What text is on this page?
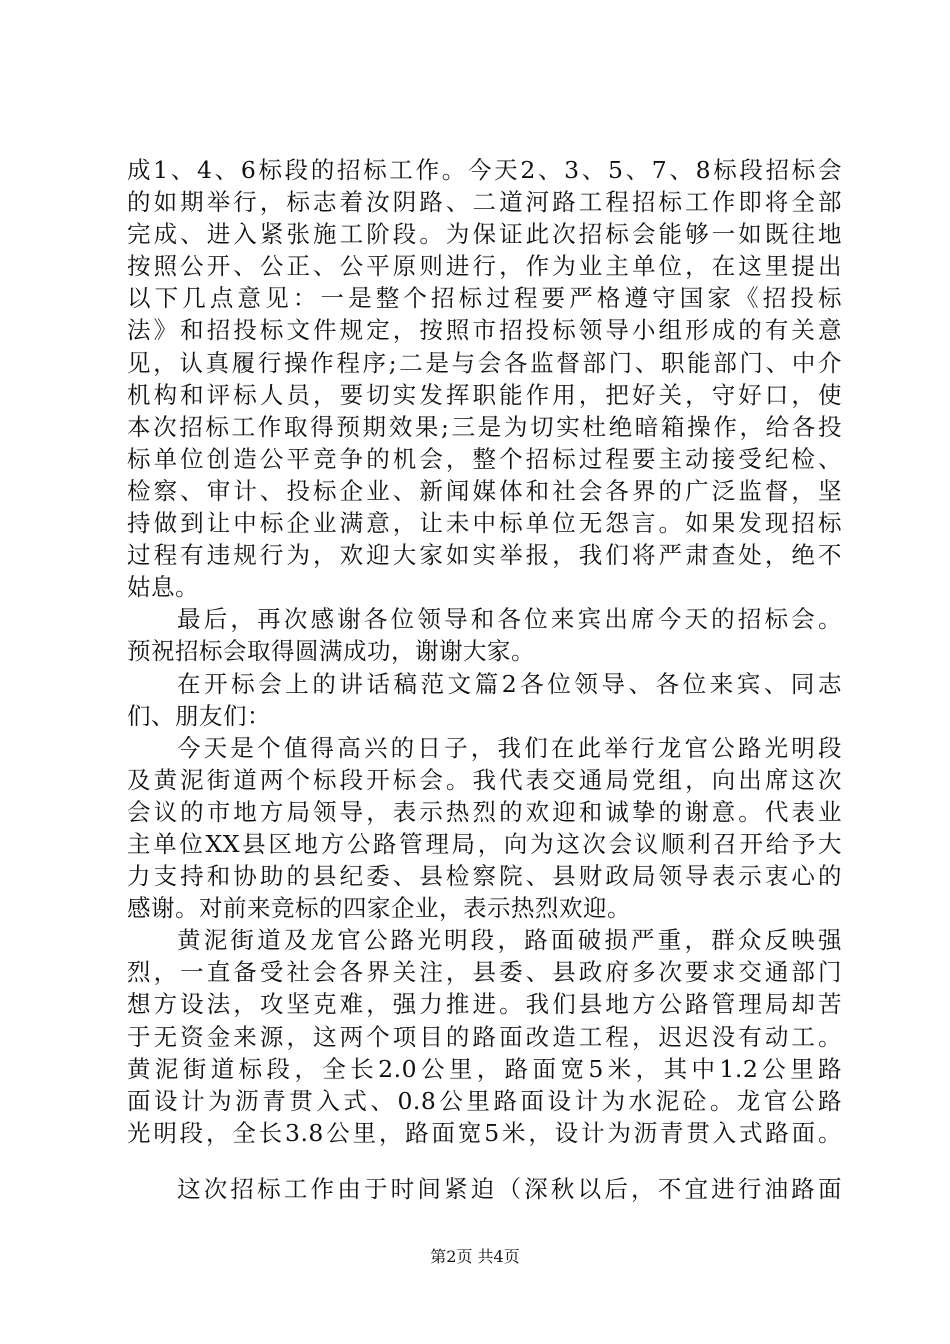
成1、4、6标段的招标工作。今天2、3、5、7、8标段招标会
的如期举行，标志着汝阴路、二道河路工程招标工作即将全部
完成、进入紧张施工阶段。为保证此次招标会能够一如既往地
按照公开、公正、公平原则进行，作为业主单位，在这里提出
以下几点意见：一是整个招标过程要严格遵守国家《招投标
法》和招投标文件规定，按照市招投标领导小组形成的有关意
见，认真履行操作程序;二是与会各监督部门、职能部门、中介
机构和评标人员，要切实发挥职能作用，把好关，守好口，使
本次招标工作取得预期效果;三是为切实杜绝暗箱操作，给各投
标单位创造公平竞争的机会，整个招标过程要主动接受纪检、
检察、审计、投标企业、新闻媒体和社会各界的广泛监督，坚
持做到让中标企业满意，让未中标单位无怨言。如果发现招标
过程有违规行为，欢迎大家如实举报，我们将严肃查处，绝不
姑息。
最后，再次感谢各位领导和各位来宾出席今天的招标会。
预祝招标会取得圆满成功，谢谢大家。
在开标会上的讲话稿范文篇2各位领导、各位来宾、同志
们、朋友们：
今天是个值得高兴的日子，我们在此举行龙官公路光明段
及黄泥街道两个标段开标会。我代表交通局党组，向出席这次
会议的市地方局领导，表示热烈的欢迎和诚挚的谢意。代表业
主单位XX县区地方公路管理局，向为这次会议顺利召开给予大
力支持和协助的县纪委、县检察院、县财政局领导表示衷心的
感谢。对前来竞标的四家企业，表示热烈欢迎。
黄泥街道及龙官公路光明段，路面破损严重，群众反映强
烈，一直备受社会各界关注，县委、县政府多次要求交通部门
想方设法，攻坚克难，强力推进。我们县地方公路管理局却苦
于无资金来源，这两个项目的路面改造工程，迟迟没有动工。
黄泥街道标段，全长2.0公里，路面宽5米，其中1.2公里路
面设计为沥青贯入式、0.8公里路面设计为水泥砼。龙官公路
光明段，全长3.8公里，路面宽5米，设计为沥青贯入式路面。
这次招标工作由于时间紧迫（深秋以后，不宜进行油路面
第2页 共4页
